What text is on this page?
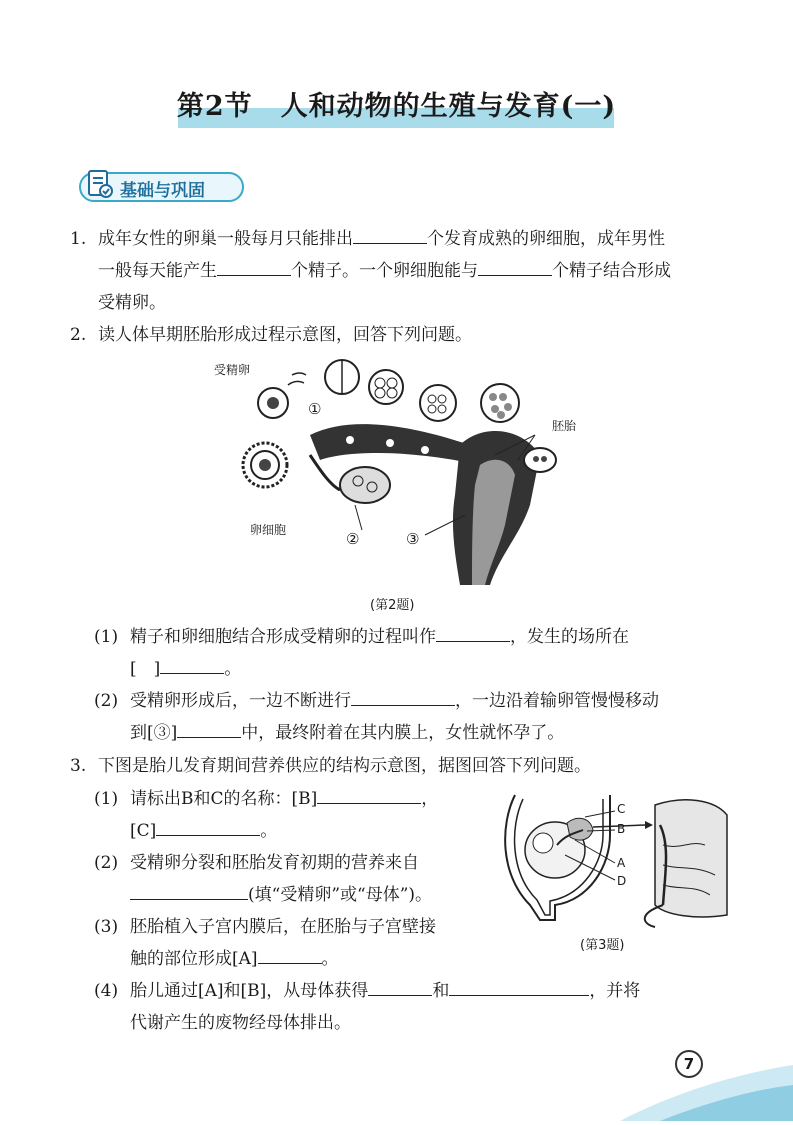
第2节　人和动物的生殖与发育(一)
基础与巩固
1. 成年女性的卵巢一般每月只能排出	个发育成熟的卵细胞，成年男性
一般每天能产生	个精子。一个卵细胞能与	个精子结合形成
受精卵。
2. 读人体早期胚胎形成过程示意图，回答下列问题。
受精卵
卵细胞
胚胎
①
②	③
(第2题)
(1) 精子和卵细胞结合形成受精卵的过程叫作	，发生的场所在
[　]	。
(2) 受精卵形成后，一边不断进行	，一边沿着输卵管慢慢移动
到[③]	中，最终附着在其内膜上，女性就怀孕了。
3. 下图是胎儿发育期间营养供应的结构示意图，据图回答下列问题。
(1) 请标出B和C的名称：[B]	，
[C]	。
(2) 受精卵分裂和胚胎发育初期的营养来自
(填“受精卵”或“母体”)。
(3) 胚胎植入子宫内膜后，在胚胎与子宫壁接
触的部位形成[A]	。
(4) 胎儿通过[A]和[B]，从母体获得	和	，并将
代谢产生的废物经母体排出。
C
B
A
D
(第3题)
7
